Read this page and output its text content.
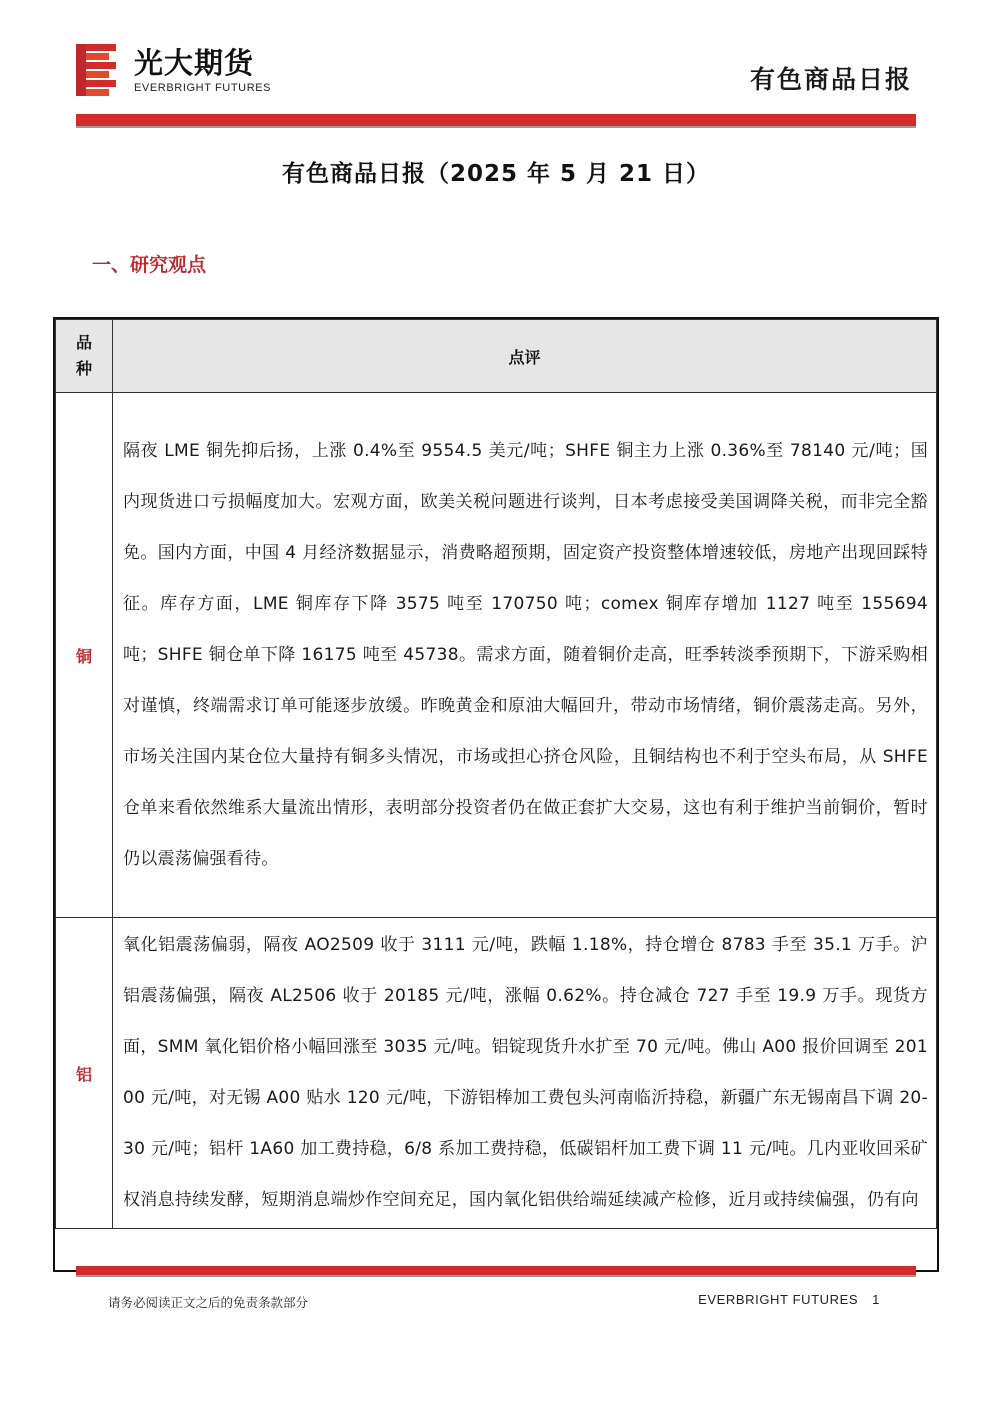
光大期货
EVERBRIGHT FUTURES	有色商品日报
有色商品日报（2025 年 5 月 21 日）
一、研究观点
品
种	点评
铜	隔夜 LME 铜先抑后扬，上涨 0.4%至 9554.5 美元/吨；SHFE 铜主力上涨 0.36%至 78140 元/吨；国内现货进口亏损幅度加大。宏观方面，欧美关税问题进行谈判，日本考虑接受美国调降关税，而非完全豁免。国内方面，中国 4 月经济数据显示，消费略超预期，固定资产投资整体增速较低，房地产出现回踩特征。库存方面，LME 铜库存下降 3575 吨至 170750 吨；comex 铜库存增加 1127 吨至 155694 吨；SHFE 铜仓单下降 16175 吨至 45738。需求方面，随着铜价走高，旺季转淡季预期下，下游采购相对谨慎，终端需求订单可能逐步放缓。昨晚黄金和原油大幅回升，带动市场情绪，铜价震荡走高。另外，市场关注国内某仓位大量持有铜多头情况，市场或担心挤仓风险，且铜结构也不利于空头布局，从 SHFE 仓单来看依然维系大量流出情形，表明部分投资者仍在做正套扩大交易，这也有利于维护当前铜价，暂时仍以震荡偏强看待。
铝	氧化铝震荡偏弱，隔夜 AO2509 收于 3111 元/吨，跌幅 1.18%，持仓增仓 8783 手至 35.1 万手。沪铝震荡偏强，隔夜 AL2506 收于 20185 元/吨，涨幅 0.62%。持仓减仓 727 手至 19.9 万手。现货方面，SMM 氧化铝价格小幅回涨至 3035 元/吨。铝锭现货升水扩至 70 元/吨。佛山 A00 报价回调至 20100 元/吨，对无锡 A00 贴水 120 元/吨，下游铝棒加工费包头河南临沂持稳，新疆广东无锡南昌下调 20-30 元/吨；铝杆 1A60 加工费持稳，6/8 系加工费持稳，低碳铝杆加工费下调 11 元/吨。几内亚收回采矿权消息持续发酵，短期消息端炒作空间充足，国内氧化铝供给端延续减产检修，近月或持续偏强，仍有向
请务必阅读正文之后的免责条款部分	EVERBRIGHT FUTURES 1
